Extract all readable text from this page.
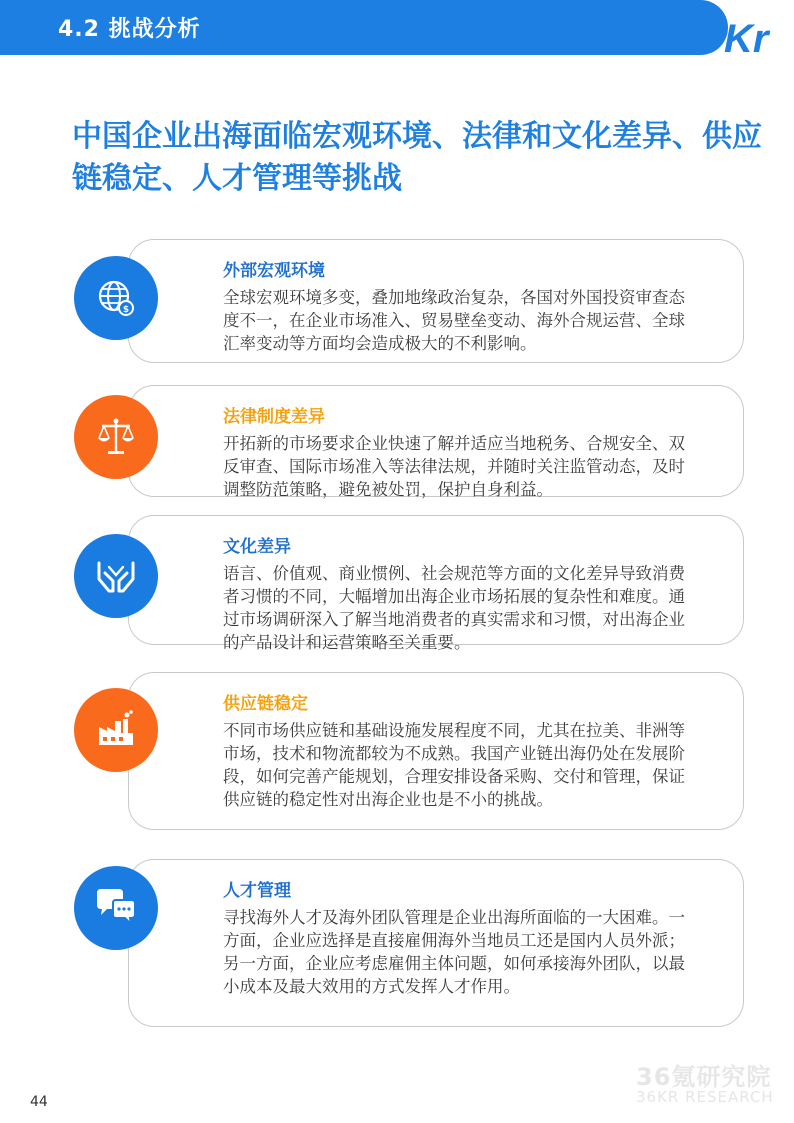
4.2 挑战分析	36 Kr
中国企业出海面临宏观环境、法律和文化差异、供应链稳定、人才管理等挑战
外部宏观环境
全球宏观环境多变，叠加地缘政治复杂，各国对外国投资审查态度不一，在企业市场准入、贸易壁垒变动、海外合规运营、全球汇率变动等方面均会造成极大的不利影响。
$
法律制度差异
开拓新的市场要求企业快速了解并适应当地税务、合规安全、双反审查、国际市场准入等法律法规，并随时关注监管动态，及时调整防范策略，避免被处罚，保护自身利益。
文化差异
语言、价值观、商业惯例、社会规范等方面的文化差异导致消费者习惯的不同，大幅增加出海企业市场拓展的复杂性和难度。通过市场调研深入了解当地消费者的真实需求和习惯，对出海企业的产品设计和运营策略至关重要。
供应链稳定
不同市场供应链和基础设施发展程度不同，尤其在拉美、非洲等市场，技术和物流都较为不成熟。我国产业链出海仍处在发展阶段，如何完善产能规划，合理安排设备采购、交付和管理，保证供应链的稳定性对出海企业也是不小的挑战。
人才管理
寻找海外人才及海外团队管理是企业出海所面临的一大困难。一方面，企业应选择是直接雇佣海外当地员工还是国内人员外派；另一方面，企业应考虑雇佣主体问题，如何承接海外团队，以最小成本及最大效用的方式发挥人才作用。
36氪研究院
36KR RESEARCH
44
